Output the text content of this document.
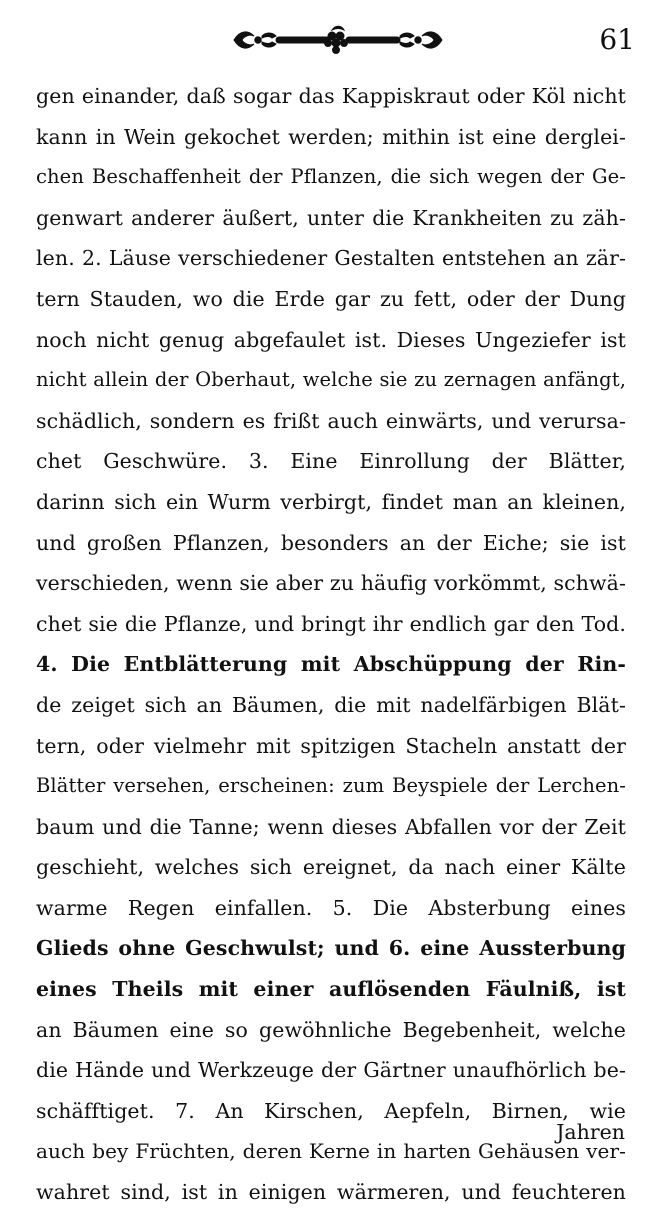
61
gen einander, daß sogar das Kappiskraut oder Köl nicht
kann in Wein gekochet werden; mithin ist eine derglei-
chen Beschaffenheit der Pflanzen, die sich wegen der Ge-
genwart anderer äußert, unter die Krankheiten zu zäh-
len. 2. Läuse verschiedener Gestalten entstehen an zär-
tern Stauden, wo die Erde gar zu fett, oder der Dung
noch nicht genug abgefaulet ist. Dieses Ungeziefer ist
nicht allein der Oberhaut, welche sie zu zernagen anfängt,
schädlich, sondern es frißt auch einwärts, und verursa-
chet Geschwüre. 3. Eine Einrollung der Blätter,
darinn sich ein Wurm verbirgt, findet man an kleinen,
und großen Pflanzen, besonders an der Eiche; sie ist
verschieden, wenn sie aber zu häufig vorkömmt, schwä-
chet sie die Pflanze, und bringt ihr endlich gar den Tod.
4. Die Entblätterung mit Abschüppung der Rin-
de zeiget sich an Bäumen, die mit nadelfärbigen Blät-
tern, oder vielmehr mit spitzigen Stacheln anstatt der
Blätter versehen, erscheinen: zum Beyspiele der Lerchen-
baum und die Tanne; wenn dieses Abfallen vor der Zeit
geschieht, welches sich ereignet, da nach einer Kälte
warme Regen einfallen. 5. Die Absterbung eines
Glieds ohne Geschwulst; und 6. eine Aussterbung
eines Theils mit einer auflösenden Fäulniß, ist
an Bäumen eine so gewöhnliche Begebenheit, welche
die Hände und Werkzeuge der Gärtner unaufhörlich be-
schäfftiget. 7. An Kirschen, Aepfeln, Birnen, wie
auch bey Früchten, deren Kerne in harten Gehäusen ver-
wahret sind, ist in einigen wärmeren, und feuchteren
Jahren
